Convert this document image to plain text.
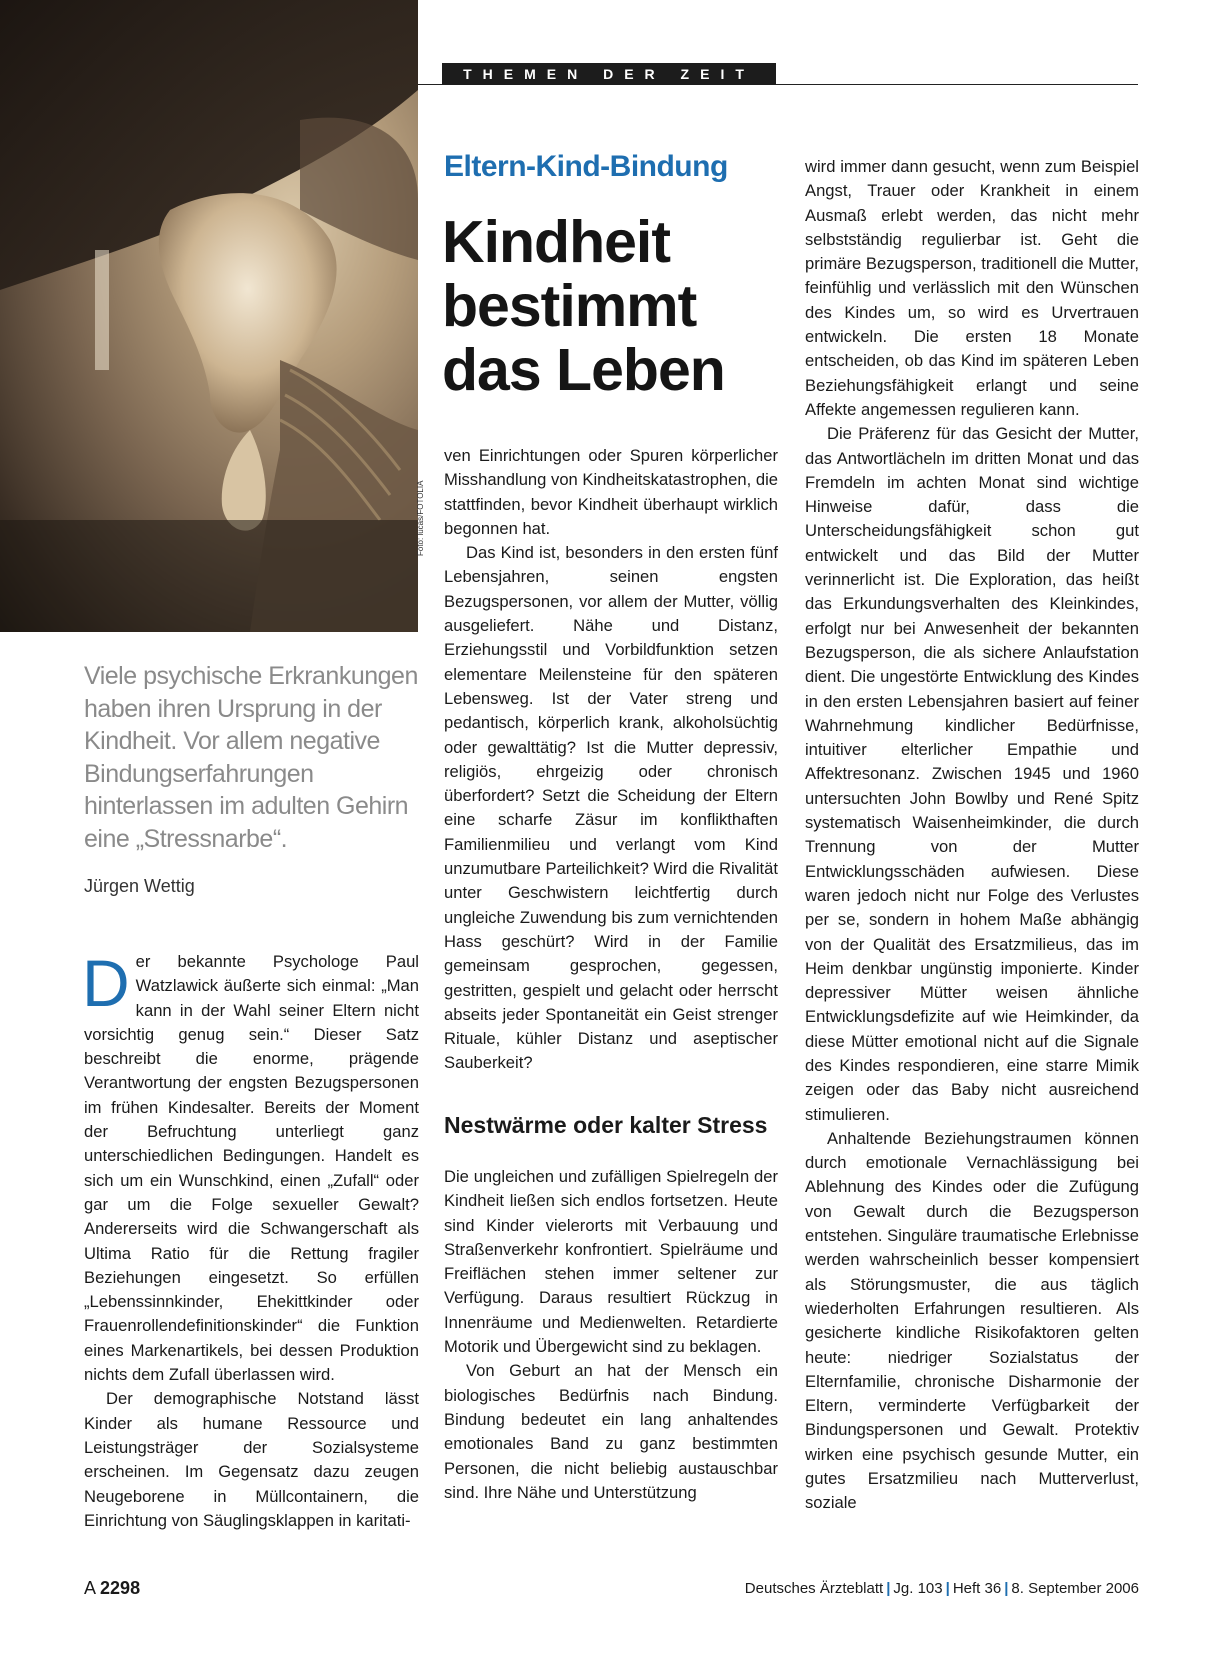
Foto: lucas/FOTOLIA
THEMEN DER ZEIT
Eltern-Kind-Bindung
Kindheit bestimmt das Leben
Viele psychische Erkrankungen haben ihren Ursprung in der Kindheit. Vor allem negative Bindungserfahrungen hinterlassen im adulten Gehirn eine „Stressnarbe“.
Jürgen Wettig

Der bekannte Psychologe Paul Watzlawick äußerte sich einmal: „Man kann in der Wahl seiner Eltern nicht vorsichtig genug sein.“ Dieser Satz beschreibt die enorme, prägende Verantwortung der engsten Bezugspersonen im frühen Kindesalter. Bereits der Moment der Befruchtung unterliegt ganz unterschiedlichen Bedingungen. Handelt es sich um ein Wunschkind, einen „Zufall“ oder gar um die Folge sexueller Gewalt? Andererseits wird die Schwangerschaft als Ultima Ratio für die Rettung fragiler Beziehungen eingesetzt. So erfüllen „Lebenssinnkinder, Ehekittkinder oder Frauenrollendefinitionskinder“ die Funktion eines Markenartikels, bei dessen Produktion nichts dem Zufall überlassen wird.

Der demographische Notstand lässt Kinder als humane Ressource und Leistungsträger der Sozialsysteme erscheinen. Im Gegensatz dazu zeugen Neugeborene in Müllcontainern, die Einrichtung von Säuglingsklappen in karitati-

ven Einrichtungen oder Spuren körperlicher Misshandlung von Kindheitskatastrophen, die stattfinden, bevor Kindheit überhaupt wirklich begonnen hat.

Das Kind ist, besonders in den ersten fünf Lebensjahren, seinen engsten Bezugspersonen, vor allem der Mutter, völlig ausgeliefert. Nähe und Distanz, Erziehungsstil und Vorbildfunktion setzen elementare Meilensteine für den späteren Lebensweg. Ist der Vater streng und pedantisch, körperlich krank, alkoholsüchtig oder gewalttätig? Ist die Mutter depressiv, religiös, ehrgeizig oder chronisch überfordert? Setzt die Scheidung der Eltern eine scharfe Zäsur im konflikthaften Familienmilieu und verlangt vom Kind unzumutbare Parteilichkeit? Wird die Rivalität unter Geschwistern leichtfertig durch ungleiche Zuwendung bis zum vernichtenden Hass geschürt? Wird in der Familie gemeinsam gesprochen, gegessen, gestritten, gespielt und gelacht oder herrscht abseits jeder Spontaneität ein Geist strenger Rituale, kühler Distanz und aseptischer Sauberkeit?

Nestwärme oder kalter Stress

Die ungleichen und zufälligen Spielregeln der Kindheit ließen sich endlos fortsetzen. Heute sind Kinder vielerorts mit Verbauung und Straßenverkehr konfrontiert. Spielräume und Freiflächen stehen immer seltener zur Verfügung. Daraus resultiert Rückzug in Innenräume und Medienwelten. Retardierte Motorik und Übergewicht sind zu beklagen.

Von Geburt an hat der Mensch ein biologisches Bedürfnis nach Bindung. Bindung bedeutet ein lang anhaltendes emotionales Band zu ganz bestimmten Personen, die nicht beliebig austauschbar sind. Ihre Nähe und Unterstützung

wird immer dann gesucht, wenn zum Beispiel Angst, Trauer oder Krankheit in einem Ausmaß erlebt werden, das nicht mehr selbstständig regulierbar ist. Geht die primäre Bezugsperson, traditionell die Mutter, feinfühlig und verlässlich mit den Wünschen des Kindes um, so wird es Urvertrauen entwickeln. Die ersten 18 Monate entscheiden, ob das Kind im späteren Leben Beziehungsfähigkeit erlangt und seine Affekte angemessen regulieren kann.

Die Präferenz für das Gesicht der Mutter, das Antwortlächeln im dritten Monat und das Fremdeln im achten Monat sind wichtige Hinweise dafür, dass die Unterscheidungsfähigkeit schon gut entwickelt und das Bild der Mutter verinnerlicht ist. Die Exploration, das heißt das Erkundungsverhalten des Kleinkindes, erfolgt nur bei Anwesenheit der bekannten Bezugsperson, die als sichere Anlaufstation dient. Die ungestörte Entwicklung des Kindes in den ersten Lebensjahren basiert auf feiner Wahrnehmung kindlicher Bedürfnisse, intuitiver elterlicher Empathie und Affektresonanz. Zwischen 1945 und 1960 untersuchten John Bowlby und René Spitz systematisch Waisenheimkinder, die durch Trennung von der Mutter Entwicklungsschäden aufwiesen. Diese waren jedoch nicht nur Folge des Verlustes per se, sondern in hohem Maße abhängig von der Qualität des Ersatzmilieus, das im Heim denkbar ungünstig imponierte. Kinder depressiver Mütter weisen ähnliche Entwicklungsdefizite auf wie Heimkinder, da diese Mütter emotional nicht auf die Signale des Kindes respondieren, eine starre Mimik zeigen oder das Baby nicht ausreichend stimulieren.

Anhaltende Beziehungstraumen können durch emotionale Vernachlässigung bei Ablehnung des Kindes oder die Zufügung von Gewalt durch die Bezugsperson entstehen. Singuläre traumatische Erlebnisse werden wahrscheinlich besser kompensiert als Störungsmuster, die aus täglich wiederholten Erfahrungen resultieren. Als gesicherte kindliche Risikofaktoren gelten heute: niedriger Sozialstatus der Elternfamilie, chronische Disharmonie der Eltern, verminderte Verfügbarkeit der Bindungspersonen und Gewalt. Protektiv wirken eine psychisch gesunde Mutter, ein gutes Ersatzmilieu nach Mutterverlust, soziale

A 2298	Deutsches Ärzteblatt | Jg. 103 | Heft 36 | 8. September 2006
